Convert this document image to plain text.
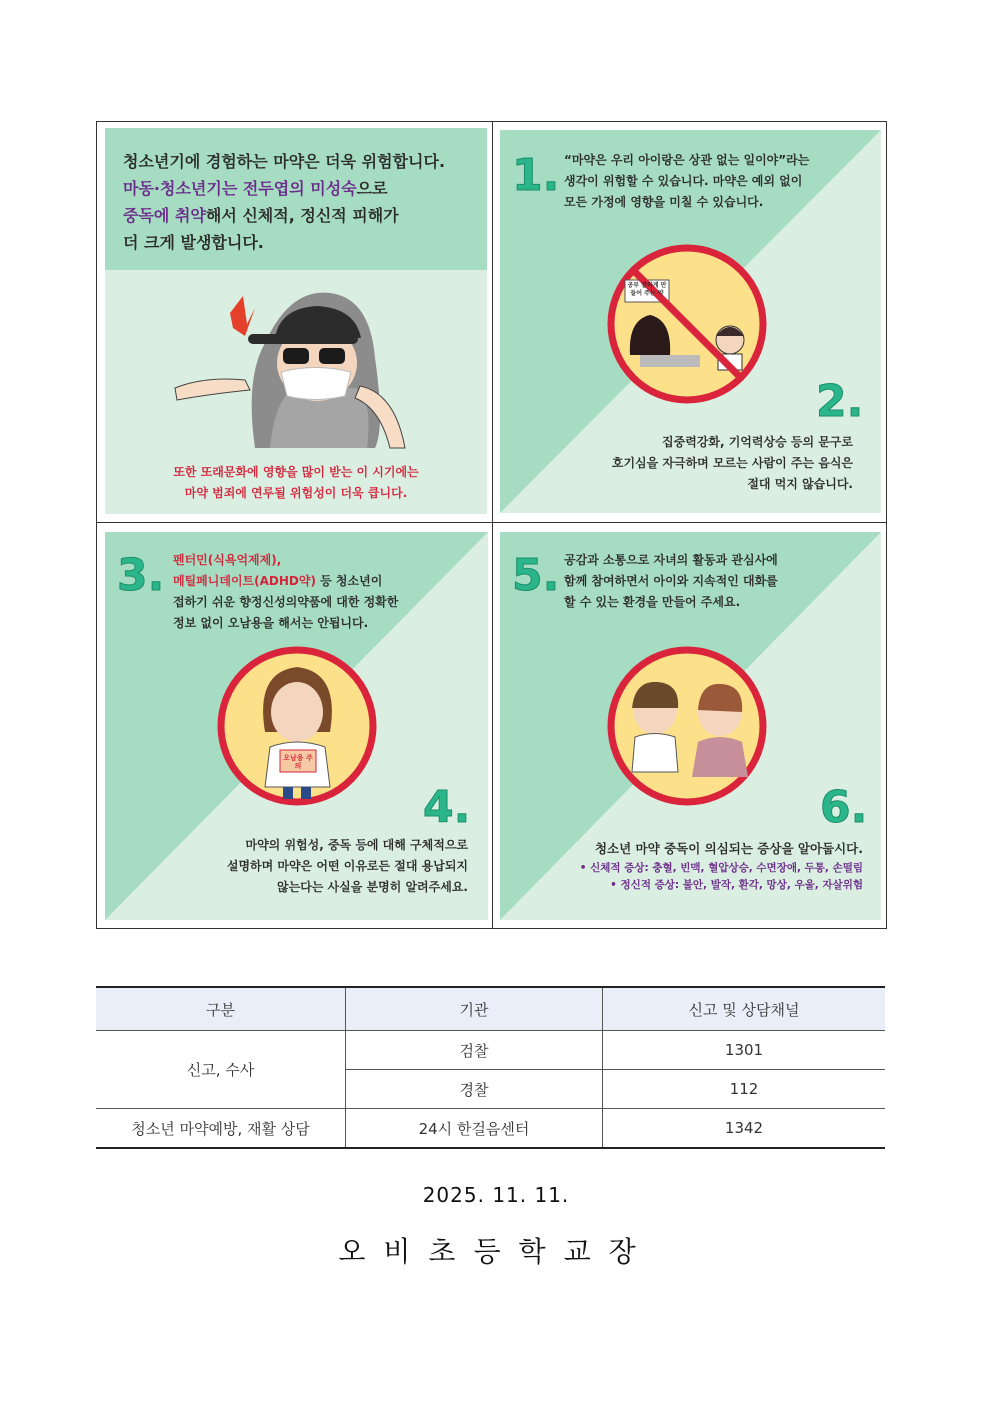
청소년기에 경험하는 마약은 더욱 위험합니다.
마동·청소년기는 전두엽의 미성숙으로
중독에 취약해서 신체적, 정신적 피해가
더 크게 발생합니다.
또한 또래문화에 영향을 많이 받는 이 시기에는
마약 범죄에 연루될 위험성이 더욱 큽니다.
1. “마약은 우리 아이랑은 상관 없는 일이야”라는
생각이 위험할 수 있습니다. 마약은 예외 없이
모든 가정에 영향을 미칠 수 있습니다.
공부 잘하게 만들어 주는 약
2.
집중력강화, 기억력상승 등의 문구로
호기심을 자극하며 모르는 사람이 주는 음식은
절대 먹지 않습니다.
3. 펜터민(식욕억제제),
메틸페니데이트(ADHD약) 등 청소년이
접하기 쉬운 향정신성의약품에 대한 정확한
정보 없이 오남용을 해서는 안됩니다.
오남용 주의
4.
마약의 위험성, 중독 등에 대해 구체적으로
설명하며 마약은 어떤 이유로든 절대 용납되지
않는다는 사실을 분명히 알려주세요.
5. 공감과 소통으로 자녀의 활동과 관심사에
함께 참여하면서 아이와 지속적인 대화를
할 수 있는 환경을 만들어 주세요.
6.
청소년 마약 중독이 의심되는 증상을 알아둡시다.
• 신체적 증상: 충혈, 빈맥, 혈압상승, 수면장애, 두통, 손떨림
• 정신적 증상: 불안, 발작, 환각, 망상, 우울, 자살위험
구분	기관	신고 및 상담채널
신고, 수사	검찰	1301
	경찰	112
청소년 마약예방, 재활 상담	24시 한걸음센터	1342
2025. 11. 11.
오비초등학교장
